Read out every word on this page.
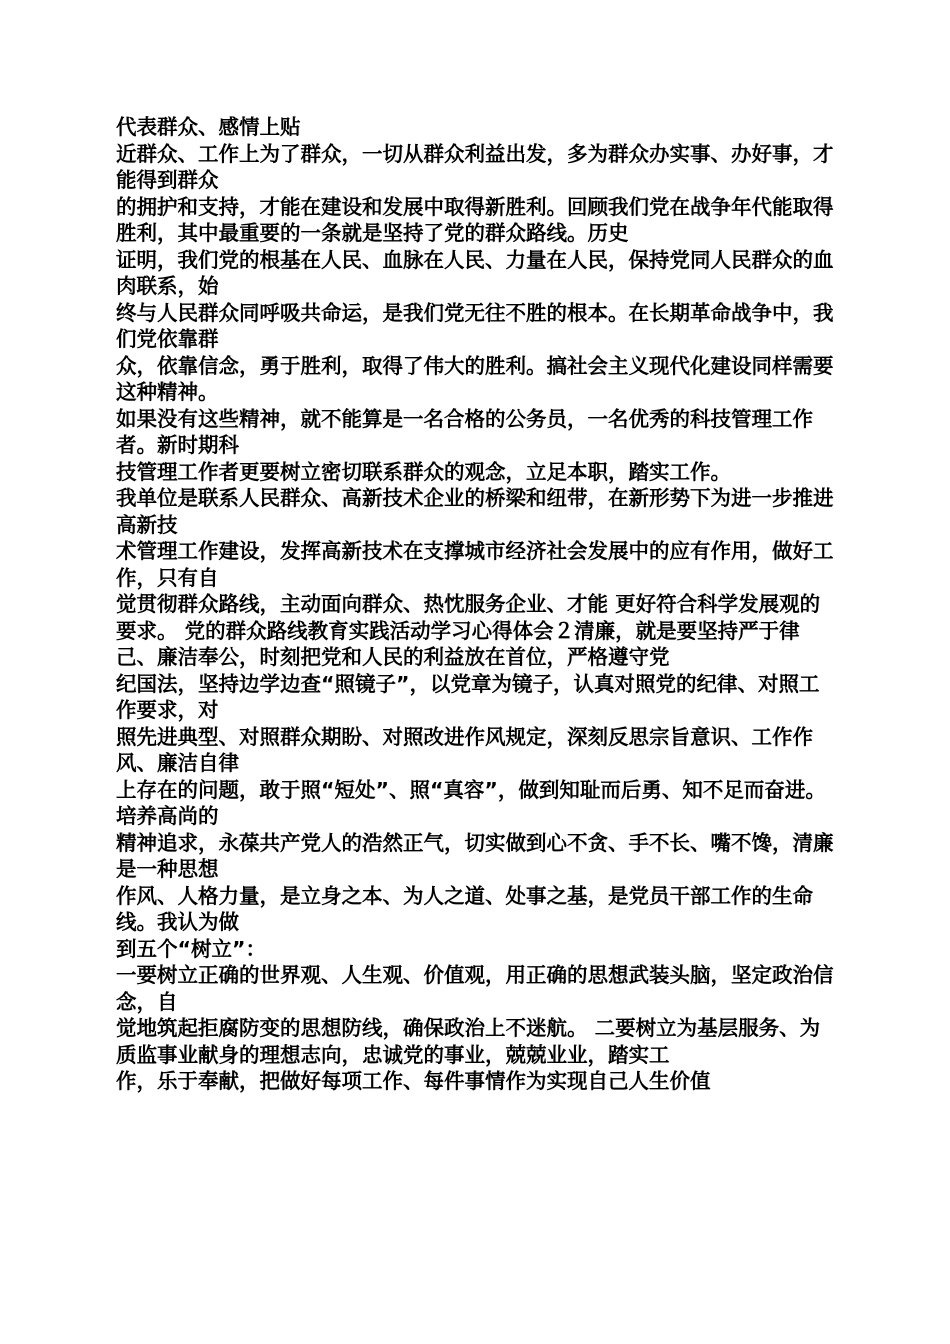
代表群众、感情上贴

近群众、工作上为了群众，一切从群众利益出发，多为群众办实事、办好事，才能得到群众

的拥护和支持，才能在建设和发展中取得新胜利。回顾我们党在战争年代能取得胜利，其中最重要的一条就是坚持了党的群众路线。历史

证明，我们党的根基在人民、血脉在人民、力量在人民，保持党同人民群众的血肉联系，始

终与人民群众同呼吸共命运，是我们党无往不胜的根本。在长期革命战争中，我们党依靠群

众，依靠信念，勇于胜利，取得了伟大的胜利。搞社会主义现代化建设同样需要这种精神。

如果没有这些精神，就不能算是一名合格的公务员，一名优秀的科技管理工作者。新时期科

技管理工作者更要树立密切联系群众的观念，立足本职，踏实工作。

我单位是联系人民群众、高新技术企业的桥梁和纽带，在新形势下为进一步推进高新技

术管理工作建设，发挥高新技术在支撑城市经济社会发展中的应有作用，做好工作，只有自

觉贯彻群众路线，主动面向群众、热忱服务企业、才能 更好符合科学发展观的要求。 党的群众路线教育实践活动学习心得体会２清廉，就是要坚持严于律己、廉洁奉公，时刻把党和人民的利益放在首位，严格遵守党

纪国法，坚持边学边查“照镜子”，以党章为镜子，认真对照党的纪律、对照工作要求，对

照先进典型、对照群众期盼、对照改进作风规定，深刻反思宗旨意识、工作作风、廉洁自律

上存在的问题，敢于照“短处”、照“真容”，做到知耻而后勇、知不足而奋进。培养高尚的

精神追求，永葆共产党人的浩然正气，切实做到心不贪、手不长、嘴不馋，清廉是一种思想

作风、人格力量，是立身之本、为人之道、处事之基，是党员干部工作的生命线。我认为做

到五个“树立”：

一要树立正确的世界观、人生观、价值观，用正确的思想武装头脑，坚定政治信念，自

觉地筑起拒腐防变的思想防线，确保政治上不迷航。 二要树立为基层服务、为质监事业献身的理想志向，忠诚党的事业，兢兢业业，踏实工

作，乐于奉献，把做好每项工作、每件事情作为实现自己人生价值
